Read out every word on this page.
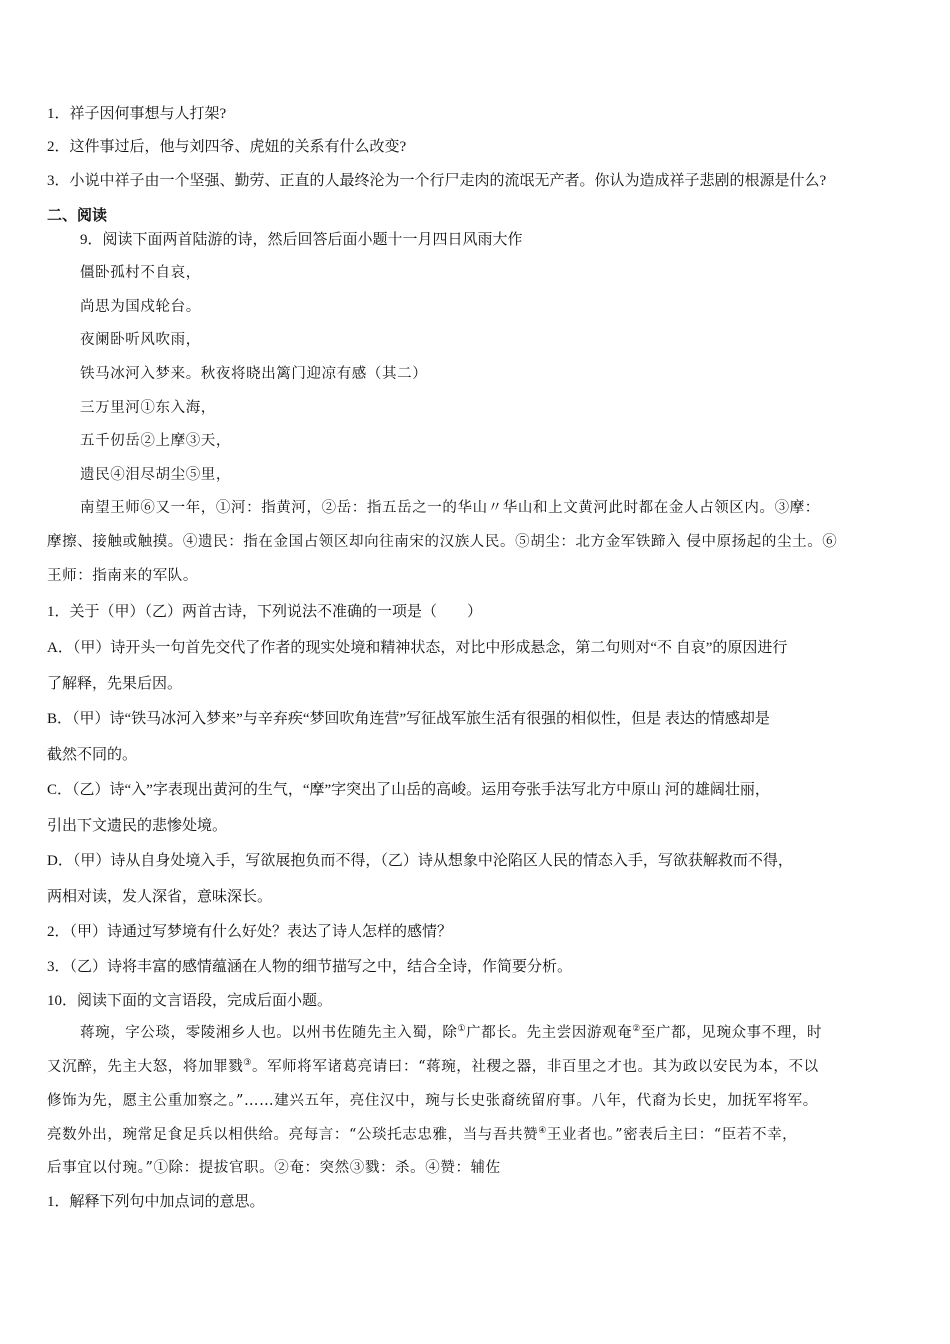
1．祥子因何事想与人打架?
2．这件事过后，他与刘四爷、虎妞的关系有什么改变?
3．小说中祥子由一个坚强、勤劳、正直的人最终沦为一个行尸走肉的流氓无产者。你认为造成祥子悲剧的根源是什么?
二、阅读
9．阅读下面两首陆游的诗，然后回答后面小题十一月四日风雨大作
僵卧孤村不自哀，
尚思为国戍轮台。
夜阑卧听风吹雨，
铁马冰河入梦来。秋夜将晓出篱门迎凉有感（其二）
三万里河①东入海，
五千仞岳②上摩③天，
遗民④泪尽胡尘⑤里，
南望王师⑥又一年，①河：指黄河，②岳：指五岳之一的华山〃华山和上文黄河此时都在金人占领区内。③摩：
摩擦、接触或触摸。④遗民：指在金国占领区却向往南宋的汉族人民。⑤胡尘：北方金军铁蹄入 侵中原扬起的尘土。⑥
王师：指南来的军队。
1．关于（甲）（乙）两首古诗，下列说法不准确的一项是（　　）
A．（甲）诗开头一句首先交代了作者的现实处境和精神状态，对比中形成悬念，第二句则对“不 自哀”的原因进行
了解释，先果后因。
B．（甲）诗“铁马冰河入梦来”与辛弃疾“梦回吹角连营”写征战军旅生活有很强的相似性，但是 表达的情感却是
截然不同的。
C．（乙）诗“入”字表现出黄河的生气，“摩”字突出了山岳的高峻。运用夸张手法写北方中原山 河的雄阔壮丽，
引出下文遗民的悲惨处境。
D．（甲）诗从自身处境入手，写欲展抱负而不得，（乙）诗从想象中沦陷区人民的情态入手，写欲获解救而不得，
两相对读，发人深省，意味深长。
2．（甲）诗通过写梦境有什么好处？表达了诗人怎样的感情？
3．（乙）诗将丰富的感情蕴涵在人物的细节描写之中，结合全诗，作简要分析。
10．阅读下面的文言语段，完成后面小题。
蒋琬，字公琰，零陵湘乡人也。以州书佐随先主入蜀，除①广都长。先主尝因游观奄②至广都，见琬众事不理，时
又沉醉，先主大怒，将加罪戮③。军师将军诸葛亮请曰：“蒋琬，社稷之器，非百里之才也。其为政以安民为本，不以
修饰为先，愿主公重加察之。”……建兴五年，亮住汉中，琬与长史张裔统留府事。八年，代裔为长史，加抚军将军。
亮数外出，琬常足食足兵以相供给。亮每言：“公琰托志忠雅，当与吾共赞④王业者也。”密表后主曰：“臣若不幸，
后事宜以付琬。”①除：提拔官职。②奄：突然③戮：杀。④赞：辅佐
1．解释下列句中加点词的意思。
